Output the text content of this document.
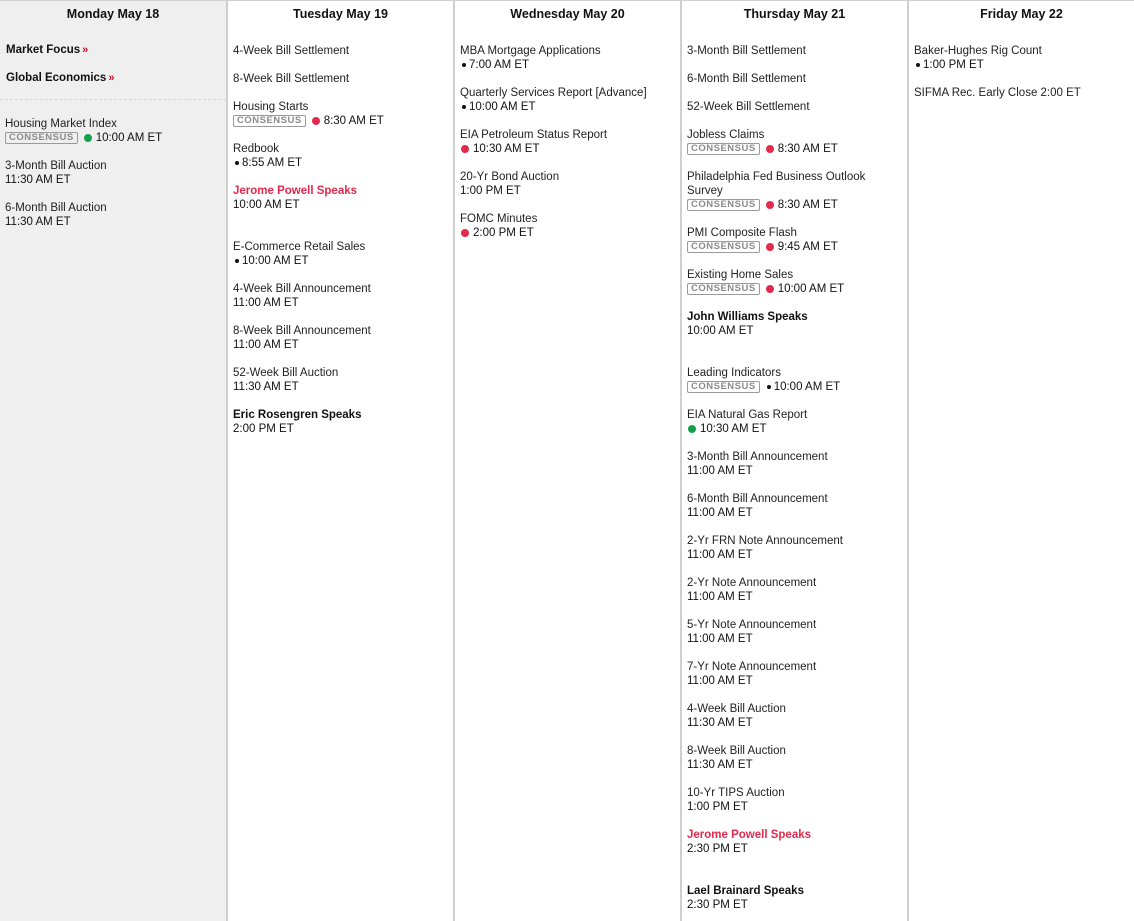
Monday May 18
Market Focus »
Global Economics »
Housing Market Index
CONSENSUS	10:00 AM ET
3-Month Bill Auction
11:30 AM ET
6-Month Bill Auction
11:30 AM ET
Tuesday May 19
4-Week Bill Settlement
8-Week Bill Settlement
Housing Starts
CONSENSUS	8:30 AM ET
Redbook
8:55 AM ET
Jerome Powell Speaks
10:00 AM ET
E-Commerce Retail Sales
10:00 AM ET
4-Week Bill Announcement
11:00 AM ET
8-Week Bill Announcement
11:00 AM ET
52-Week Bill Auction
11:30 AM ET
Eric Rosengren Speaks
2:00 PM ET
Wednesday May 20
MBA Mortgage Applications
7:00 AM ET
Quarterly Services Report [Advance]
10:00 AM ET
EIA Petroleum Status Report
10:30 AM ET
20-Yr Bond Auction
1:00 PM ET
FOMC Minutes
2:00 PM ET
Thursday May 21
3-Month Bill Settlement
6-Month Bill Settlement
52-Week Bill Settlement
Jobless Claims
CONSENSUS	8:30 AM ET
Philadelphia Fed Business Outlook Survey
CONSENSUS	8:30 AM ET
PMI Composite Flash
CONSENSUS	9:45 AM ET
Existing Home Sales
CONSENSUS	10:00 AM ET
John Williams Speaks
10:00 AM ET
Leading Indicators
CONSENSUS	10:00 AM ET
EIA Natural Gas Report
10:30 AM ET
3-Month Bill Announcement
11:00 AM ET
6-Month Bill Announcement
11:00 AM ET
2-Yr FRN Note Announcement
11:00 AM ET
2-Yr Note Announcement
11:00 AM ET
5-Yr Note Announcement
11:00 AM ET
7-Yr Note Announcement
11:00 AM ET
4-Week Bill Auction
11:30 AM ET
8-Week Bill Auction
11:30 AM ET
10-Yr TIPS Auction
1:00 PM ET
Jerome Powell Speaks
2:30 PM ET
Lael Brainard Speaks
2:30 PM ET
Friday May 22
Baker-Hughes Rig Count
1:00 PM ET
SIFMA Rec. Early Close 2:00 ET
